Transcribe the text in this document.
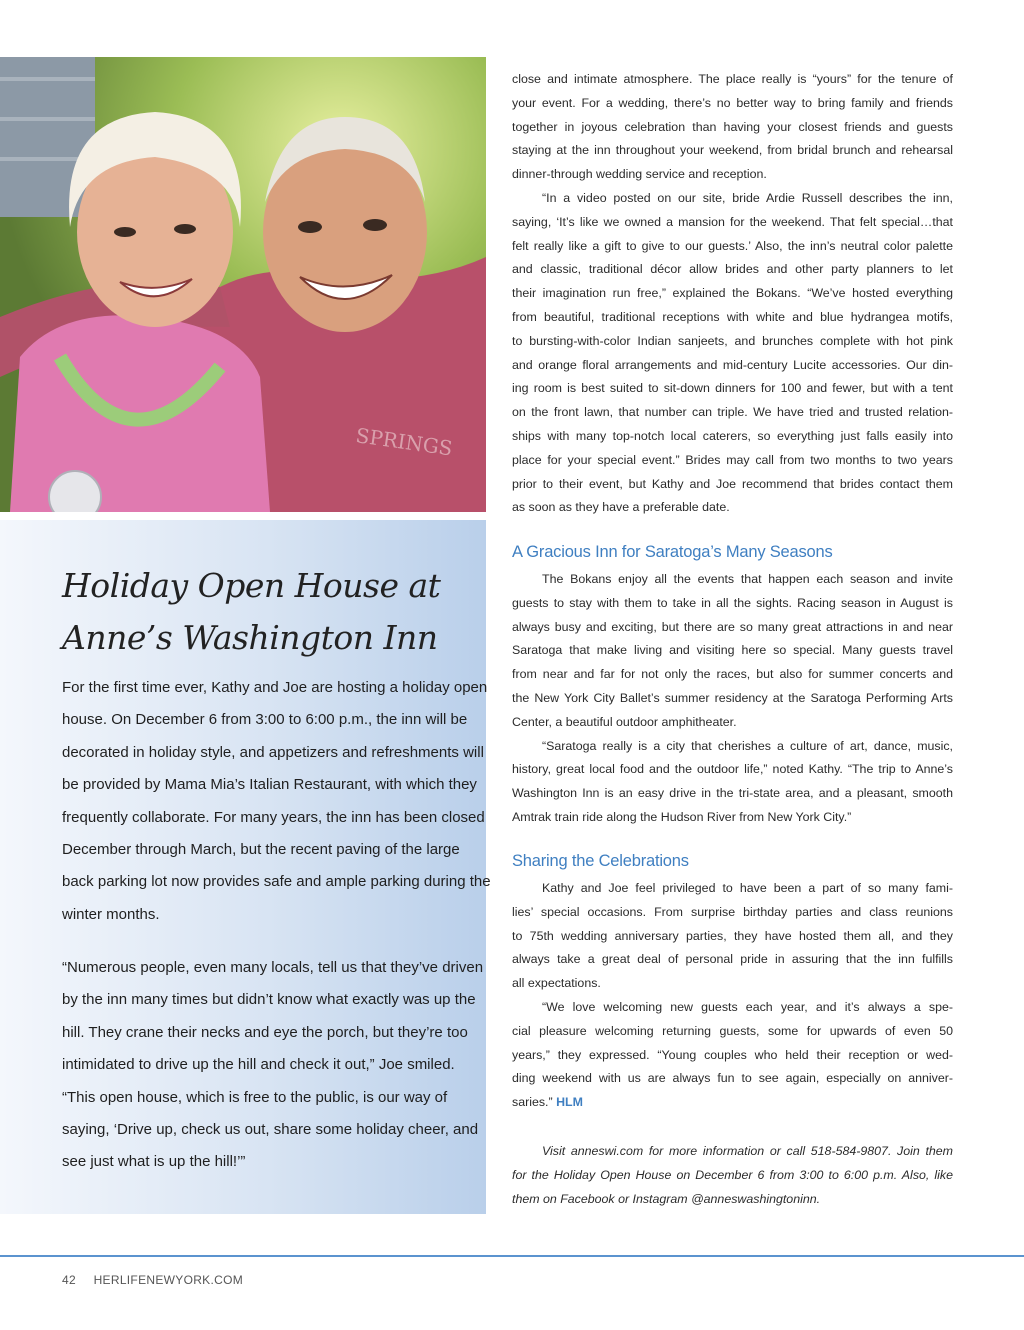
SPRINGS
Holiday Open House at
Anne’s Washington Inn
For the first time ever, Kathy and Joe are hosting a holiday open
house. On December 6 from 3:00 to 6:00 p.m., the inn will be
decorated in holiday style, and appetizers and refreshments will
be provided by Mama Mia’s Italian Restaurant, with which they
frequently collaborate. For many years, the inn has been closed
December through March, but the recent paving of the large
back parking lot now provides safe and ample parking during the
winter months.
“Numerous people, even many locals, tell us that they’ve driven
by the inn many times but didn’t know what exactly was up the
hill. They crane their necks and eye the porch, but they’re too
intimidated to drive up the hill and check it out,” Joe smiled.
“This open house, which is free to the public, is our way of
saying, ‘Drive up, check us out, share some holiday cheer, and
see just what is up the hill!’”
close and intimate atmosphere. The place really is “yours” for the tenure of
your event. For a wedding, there’s no better way to bring family and friends
together in joyous celebration than having your closest friends and guests
staying at the inn throughout your weekend, from bridal brunch and rehearsal
dinner-through wedding service and reception.
“In a video posted on our site, bride Ardie Russell describes the inn,
saying, ‘It’s like we owned a mansion for the weekend. That felt special…that
felt really like a gift to give to our guests.’ Also, the inn’s neutral color palette
and classic, traditional décor allow brides and other party planners to let
their imagination run free,” explained the Bokans. “We’ve hosted everything
from beautiful, traditional receptions with white and blue hydrangea motifs,
to bursting-with-color Indian sanjeets, and brunches complete with hot pink
and orange floral arrangements and mid-century Lucite accessories. Our din-
ing room is best suited to sit-down dinners for 100 and fewer, but with a tent
on the front lawn, that number can triple. We have tried and trusted relation-
ships with many top-notch local caterers, so everything just falls easily into
place for your special event.” Brides may call from two months to two years
prior to their event, but Kathy and Joe recommend that brides contact them
as soon as they have a preferable date.
A Gracious Inn for Saratoga’s Many Seasons
The Bokans enjoy all the events that happen each season and invite
guests to stay with them to take in all the sights. Racing season in August is
always busy and exciting, but there are so many great attractions in and near
Saratoga that make living and visiting here so special. Many guests travel
from near and far for not only the races, but also for summer concerts and
the New York City Ballet’s summer residency at the Saratoga Performing Arts
Center, a beautiful outdoor amphitheater.
“Saratoga really is a city that cherishes a culture of art, dance, music,
history, great local food and the outdoor life,” noted Kathy. “The trip to Anne’s
Washington Inn is an easy drive in the tri-state area, and a pleasant, smooth
Amtrak train ride along the Hudson River from New York City.”
Sharing the Celebrations
Kathy and Joe feel privileged to have been a part of so many fami-
lies’ special occasions. From surprise birthday parties and class reunions
to 75th wedding anniversary parties, they have hosted them all, and they
always take a great deal of personal pride in assuring that the inn fulfills
all expectations.
“We love welcoming new guests each year, and it’s always a spe-
cial pleasure welcoming returning guests, some for upwards of even 50
years,” they expressed. “Young couples who held their reception or wed-
ding weekend with us are always fun to see again, especially on anniver-
saries.” HLM
Visit anneswi.com for more information or call 518-584-9807. Join them
for the Holiday Open House on December 6 from 3:00 to 6:00 p.m. Also, like
them on Facebook or Instagram @anneswashingtoninn.
42 HERLIFENEWYORK.COM
